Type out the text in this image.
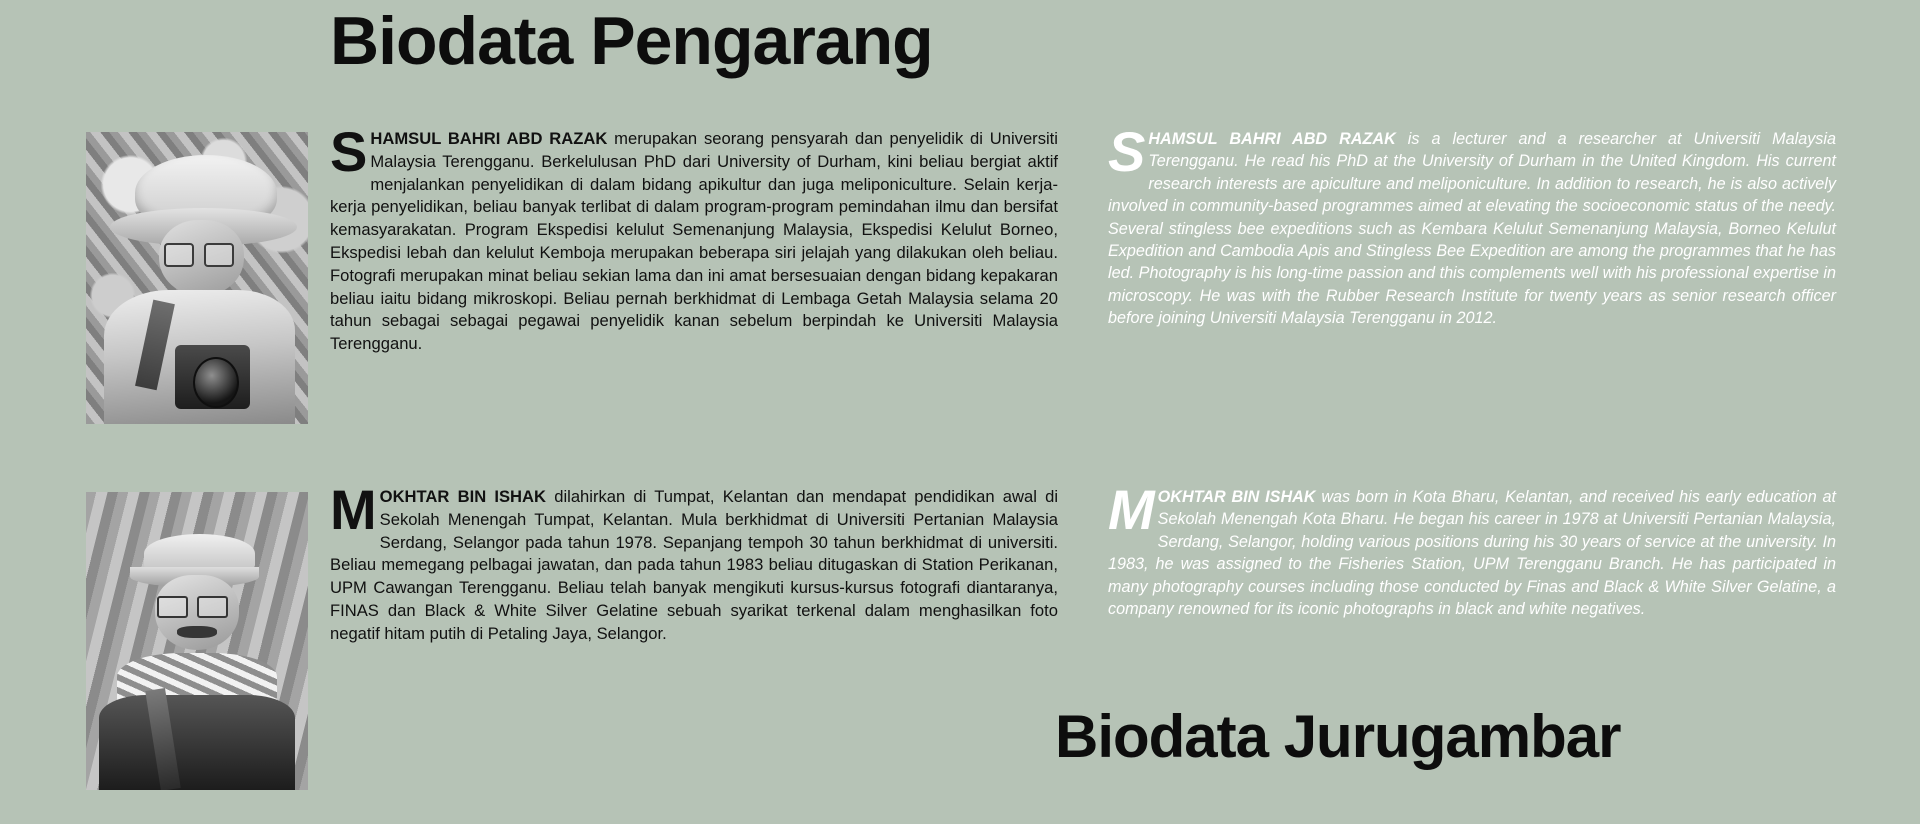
Biodata Pengarang

SHAMSUL BAHRI ABD RAZAK merupakan seorang pensyarah dan penyelidik di Universiti Malaysia Terengganu. Berkelulusan PhD dari University of Durham, kini beliau bergiat aktif menjalankan penyelidikan di dalam bidang apikultur dan juga meliponiculture. Selain kerja-kerja penyelidikan, beliau banyak terlibat di dalam program-program pemindahan ilmu dan bersifat kemasyarakatan. Program Ekspedisi kelulut Semenanjung Malaysia, Ekspedisi Kelulut Borneo, Ekspedisi lebah dan kelulut Kemboja merupakan beberapa siri jelajah yang dilakukan oleh beliau. Fotografi merupakan minat beliau sekian lama dan ini amat bersesuaian dengan bidang kepakaran beliau iaitu bidang mikroskopi. Beliau pernah berkhidmat di Lembaga Getah Malaysia selama 20 tahun sebagai sebagai pegawai penyelidik kanan sebelum berpindah ke Universiti Malaysia Terengganu.

SHAMSUL BAHRI ABD RAZAK is a lecturer and a researcher at Universiti Malaysia Terengganu. He read his PhD at the University of Durham in the United Kingdom. His current research interests are apiculture and meliponiculture. In addition to research, he is also actively involved in community-based programmes aimed at elevating the socioeconomic status of the needy. Several stingless bee expeditions such as Kembara Kelulut Semenanjung Malaysia, Borneo Kelulut Expedition and Cambodia Apis and Stingless Bee Expedition are among the programmes that he has led. Photography is his long-time passion and this complements well with his professional expertise in microscopy. He was with the Rubber Research Institute for twenty years as senior research officer before joining Universiti Malaysia Terengganu in 2012.

MOKHTAR BIN ISHAK dilahirkan di Tumpat, Kelantan dan mendapat pendidikan awal di Sekolah Menengah Tumpat, Kelantan. Mula berkhidmat di Universiti Pertanian Malaysia Serdang, Selangor pada tahun 1978. Sepanjang tempoh 30 tahun berkhidmat di universiti. Beliau memegang pelbagai jawatan, dan pada tahun 1983 beliau ditugaskan di Station Perikanan, UPM Cawangan Terengganu. Beliau telah banyak mengikuti kursus-kursus fotografi diantaranya, FINAS dan Black & White Silver Gelatine sebuah syarikat terkenal dalam menghasilkan foto negatif hitam putih di Petaling Jaya, Selangor.

MOKHTAR BIN ISHAK was born in Kota Bharu, Kelantan, and received his early education at Sekolah Menengah Kota Bharu. He began his career in 1978 at Universiti Pertanian Malaysia, Serdang, Selangor, holding various positions during his 30 years of service at the university. In 1983, he was assigned to the Fisheries Station, UPM Terengganu Branch. He has participated in many photography courses including those conducted by Finas and Black & White Silver Gelatine, a company renowned for its iconic photographs in black and white negatives.

Biodata Jurugambar
